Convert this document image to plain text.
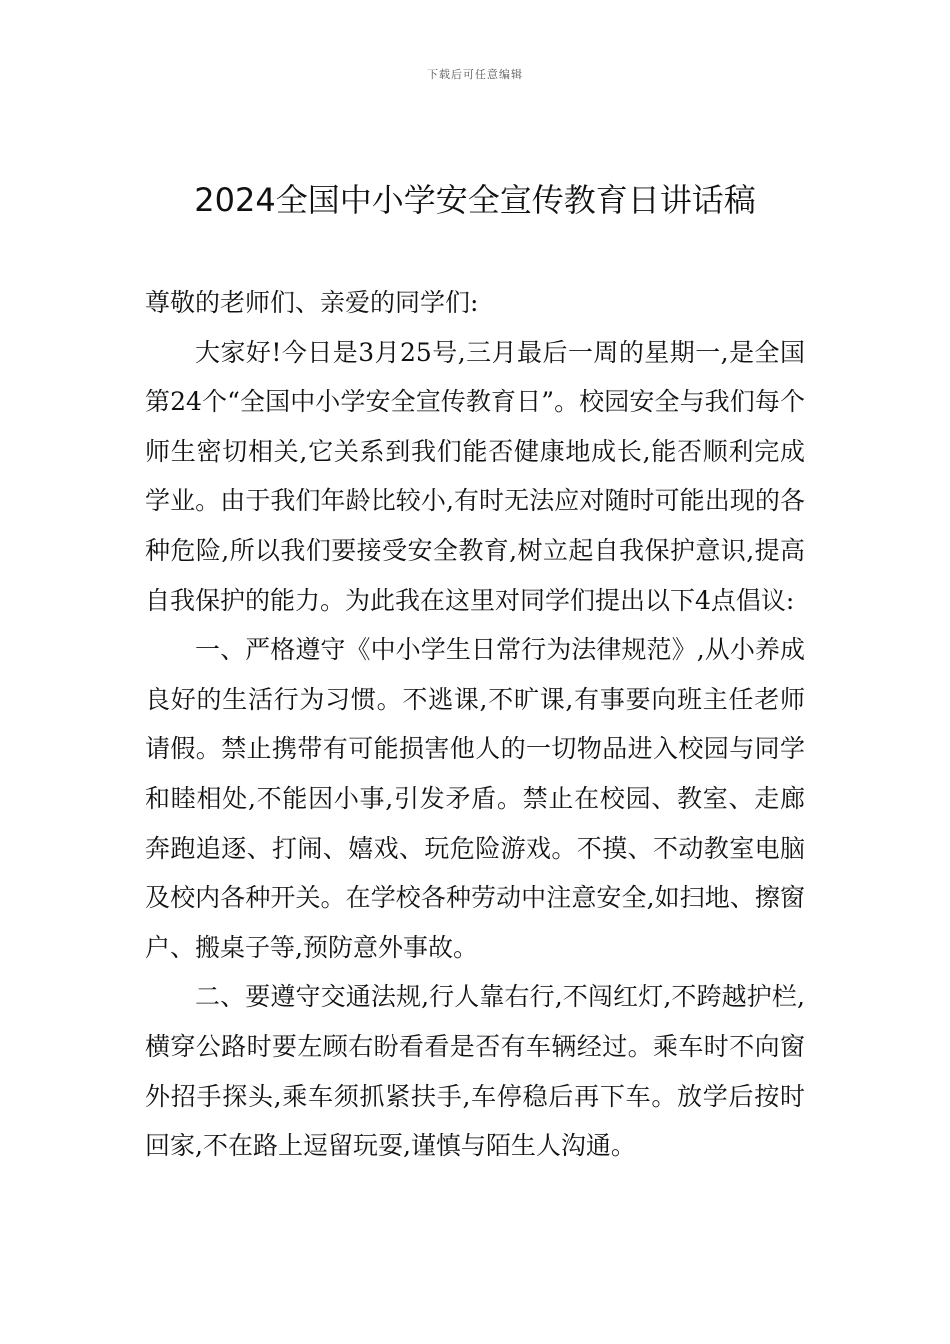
下载后可任意编辑
2024全国中小学安全宣传教育日讲话稿

尊敬的老师们、亲爱的同学们:

大家好!今日是3月25号,三月最后一周的星期一,是全国第24个“全国中小学安全宣传教育日”。校园安全与我们每个师生密切相关,它关系到我们能否健康地成长,能否顺利完成学业。由于我们年龄比较小,有时无法应对随时可能出现的各种危险,所以我们要接受安全教育,树立起自我保护意识,提高自我保护的能力。为此我在这里对同学们提出以下4点倡议:

一、严格遵守《中小学生日常行为法律规范》,从小养成良好的生活行为习惯。不逃课,不旷课,有事要向班主任老师请假。禁止携带有可能损害他人的一切物品进入校园与同学和睦相处,不能因小事,引发矛盾。禁止在校园、教室、走廊奔跑追逐、打闹、嬉戏、玩危险游戏。不摸、不动教室电脑及校内各种开关。在学校各种劳动中注意安全,如扫地、擦窗户、搬桌子等,预防意外事故。

二、要遵守交通法规,行人靠右行,不闯红灯,不跨越护栏,横穿公路时要左顾右盼看看是否有车辆经过。乘车时不向窗外招手探头,乘车须抓紧扶手,车停稳后再下车。放学后按时回家,不在路上逗留玩耍,谨慎与陌生人沟通。
